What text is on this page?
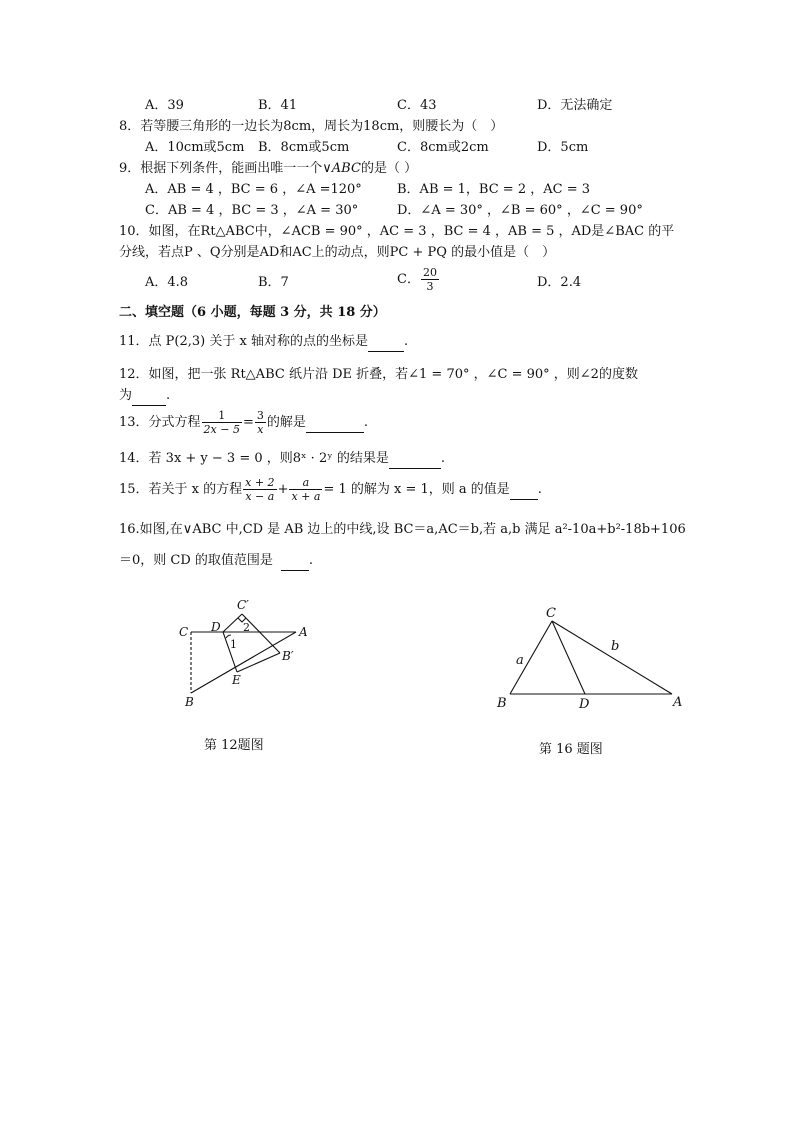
A．39	B．41	C．43	D．无法确定
8．若等腰三角形的一边长为8cm，周长为18cm，则腰长为（　）
A．10cm或5cm B．8cm或5cm	C．8cm或2cm	D．5cm
9．根据下列条件，能画出唯一一个∨ABC的是（ ）
A．AB = 4 ，BC = 6 ，∠A =120°	B．AB = 1，BC = 2 ，AC = 3
C．AB = 4 ，BC = 3 ，∠A = 30°	D．∠A = 30° ，∠B = 60° ，∠C = 90°
10．如图，在Rt△ABC中，∠ACB = 90° ，AC = 3 ，BC = 4 ，AB = 5 ，AD是∠BAC 的平
分线，若点P 、Q分别是AD和AC上的动点，则PC + PQ 的最小值是（　）
A．4.8	B．7	C． $\frac{20}{3}$	D．2.4
二、填空题（6 小题，每题 3 分，共 18 分）
11．点 P(2,3) 关于 x 轴对称的点的坐标是	.
12．如图，把一张 Rt△ABC 纸片沿 DE 折叠，若∠1 = 70° ，∠C = 90° ，则∠2的度数
为	.
13．分式方程 $\frac{1}{2x - 5} = \frac{3}{x}$ 的解是	.
14．若 3x + y − 3 = 0 ，则8ˣ · 2ʸ 的结果是	.
15．若关于 x 的方程 $\frac{x + 2}{x - a} + \frac{a}{x + a} = 1$ 的解为 x = 1，则 a 的值是 .
16.如图,在∨ABC 中,CD 是 AB 边上的中线,设 BC＝a,AC＝b,若 a,b 满足 a²-10a+b²-18b+106
＝0，则 CD 的取值范围是	.
C D
C′
2	A
1
B′
E
B
第 12题图
C
a
b
B	D	A
第 16 题图
